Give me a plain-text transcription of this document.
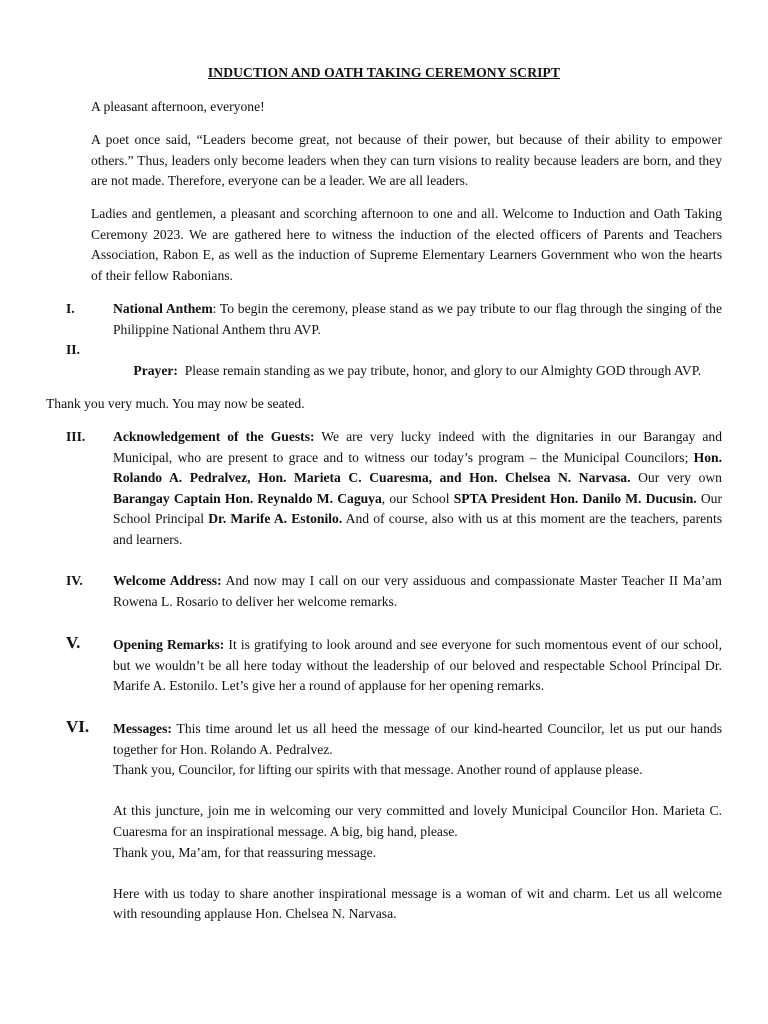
INDUCTION AND OATH TAKING CEREMONY SCRIPT
A pleasant afternoon, everyone!
A poet once said, “Leaders become great, not because of their power, but because of their ability to empower others.” Thus, leaders only become leaders when they can turn visions to reality because leaders are born, and they are not made. Therefore, everyone can be a leader. We are all leaders.
Ladies and gentlemen, a pleasant and scorching afternoon to one and all. Welcome to Induction and Oath Taking Ceremony 2023. We are gathered here to witness the induction of the elected officers of Parents and Teachers Association, Rabon E, as well as the induction of Supreme Elementary Learners Government who won the hearts of their fellow Rabonians.
I.	National Anthem: To begin the ceremony, please stand as we pay tribute to our flag through the singing of the Philippine National Anthem thru AVP.
II.

Prayer:  Please remain standing as we pay tribute, honor, and glory to our Almighty GOD through AVP.

Thank you very much. You may now be seated.
III.	Acknowledgement of the Guests: We are very lucky indeed with the dignitaries in our Barangay and Municipal, who are present to grace and to witness our today’s program – the Municipal Councilors; Hon. Rolando A. Pedralvez, Hon. Marieta C. Cuaresma, and Hon. Chelsea N. Narvasa. Our very own Barangay Captain Hon. Reynaldo M. Caguya, our School SPTA President Hon. Danilo M. Ducusin. Our School Principal Dr. Marife A. Estonilo. And of course, also with us at this moment are the teachers, parents and learners.
IV.	Welcome Address: And now may I call on our very assiduous and compassionate Master Teacher II Ma’am Rowena L. Rosario to deliver her welcome remarks.
V.	Opening Remarks: It is gratifying to look around and see everyone for such momentous event of our school, but we wouldn’t be all here today without the leadership of our beloved and respectable School Principal Dr. Marife A. Estonilo. Let’s give her a round of applause for her opening remarks.
VI.	Messages: This time around let us all heed the message of our kind-hearted Councilor, let us put our hands together for Hon. Rolando A. Pedralvez.

Thank you, Councilor, for lifting our spirits with that message. Another round of applause please.

At this juncture, join me in welcoming our very committed and lovely Municipal Councilor Hon. Marieta C. Cuaresma for an inspirational message. A big, big hand, please.

Thank you, Ma’am, for that reassuring message.

Here with us today to share another inspirational message is a woman of wit and charm. Let us all welcome with resounding applause Hon. Chelsea N. Narvasa.
